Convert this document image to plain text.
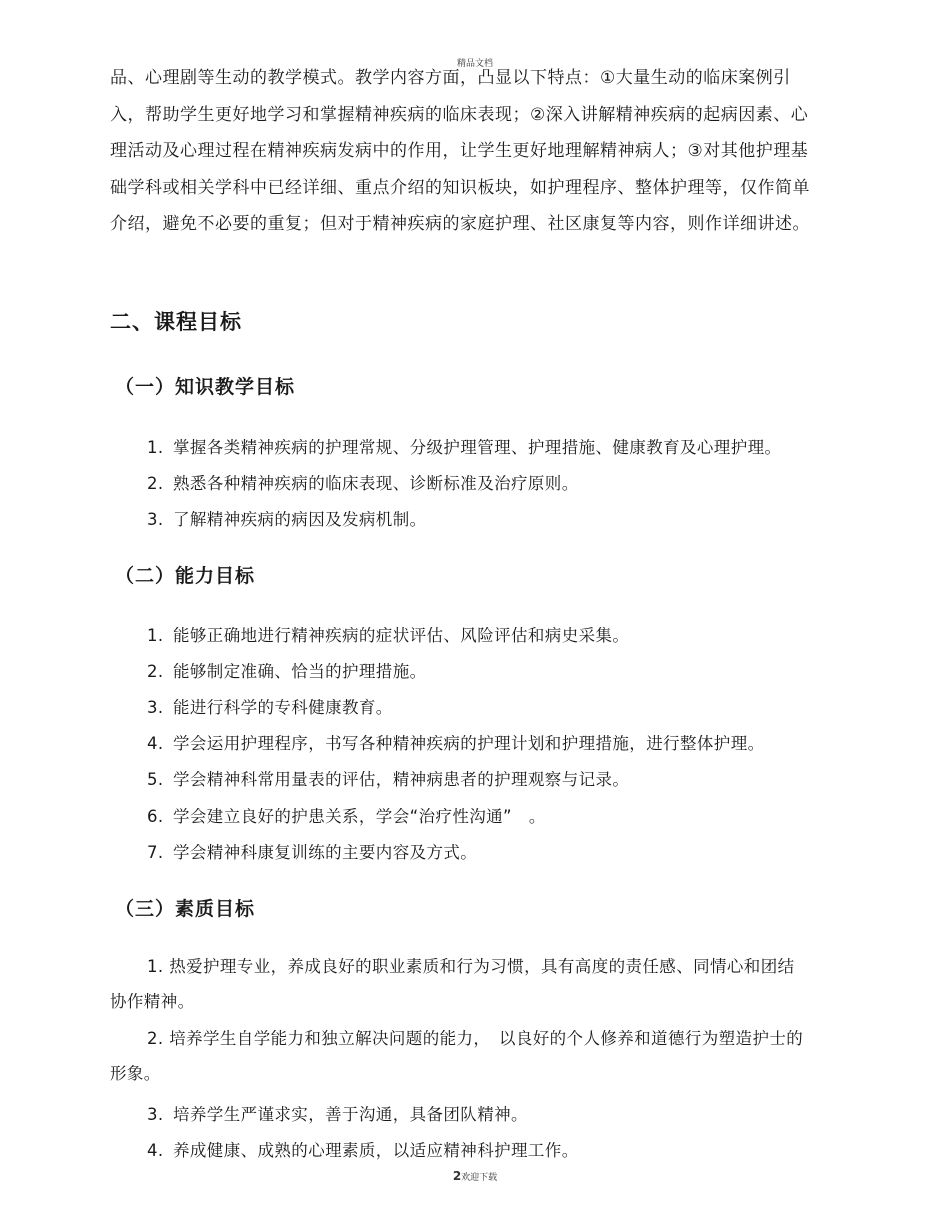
精品文档

品、心理剧等生动的教学模式。教学内容方面，凸显以下特点：①大量生动的临床案例引入，帮助学生更好地学习和掌握精神疾病的临床表现；②深入讲解精神疾病的起病因素、心理活动及心理过程在精神疾病发病中的作用，让学生更好地理解精神病人；③对其他护理基础学科或相关学科中已经详细、重点介绍的知识板块，如护理程序、整体护理等，仅作简单介绍，避免不必要的重复；但对于精神疾病的家庭护理、社区康复等内容，则作详细讲述。

二、课程目标
（一）知识教学目标

1. 掌握各类精神疾病的护理常规、分级护理管理、护理措施、健康教育及心理护理。

2. 熟悉各种精神疾病的临床表现、诊断标准及治疗原则。

3. 了解精神疾病的病因及发病机制。

（二）能力目标

1. 能够正确地进行精神疾病的症状评估、风险评估和病史采集。

2. 能够制定准确、恰当的护理措施。

3. 能进行科学的专科健康教育。

4. 学会运用护理程序，书写各种精神疾病的护理计划和护理措施，进行整体护理。

5. 学会精神科常用量表的评估，精神病患者的护理观察与记录。

6. 学会建立良好的护患关系，学会“治疗性沟通”　。

7. 学会精神科康复训练的主要内容及方式。

（三）素质目标

1. 热爱护理专业，养成良好的职业素质和行为习惯，具有高度的责任感、同情心和团结协作精神。

2. 培养学生自学能力和独立解决问题的能力，　以良好的个人修养和道德行为塑造护士的形象。

3. 培养学生严谨求实，善于沟通，具备团队精神。

4. 养成健康、成熟的心理素质，以适应精神科护理工作。

2欢迎下载
